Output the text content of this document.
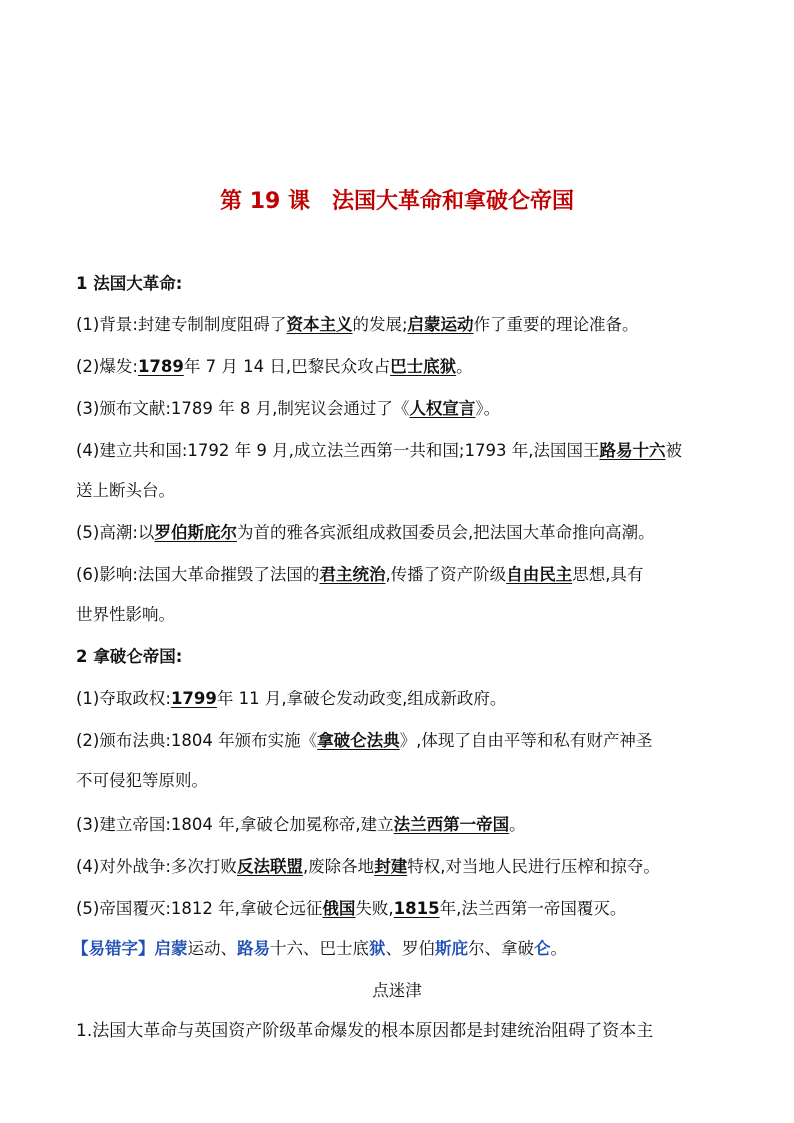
第 19 课　法国大革命和拿破仑帝国
1 法国大革命:
(1)背景:封建专制制度阻碍了资本主义的发展;启蒙运动作了重要的理论准备。
(2)爆发:1789年 7 月 14 日,巴黎民众攻占巴士底狱。
(3)颁布文献:1789 年 8 月,制宪议会通过了《人权宣言》。
(4)建立共和国:1792 年 9 月,成立法兰西第一共和国;1793 年,法国国王路易十六被
送上断头台。
(5)高潮:以罗伯斯庇尔为首的雅各宾派组成救国委员会,把法国大革命推向高潮。
(6)影响:法国大革命摧毁了法国的君主统治,传播了资产阶级自由民主思想,具有
世界性影响。
2 拿破仑帝国:
(1)夺取政权:1799年 11 月,拿破仑发动政变,组成新政府。
(2)颁布法典:1804 年颁布实施《拿破仑法典》,体现了自由平等和私有财产神圣
不可侵犯等原则。
(3)建立帝国:1804 年,拿破仑加冕称帝,建立法兰西第一帝国。
(4)对外战争:多次打败反法联盟,废除各地封建特权,对当地人民进行压榨和掠夺。
(5)帝国覆灭:1812 年,拿破仑远征俄国失败,1815年,法兰西第一帝国覆灭。
【易错字】启蒙运动、路易十六、巴士底狱、罗伯斯庇尔、拿破仑。
点迷津
1.法国大革命与英国资产阶级革命爆发的根本原因都是封建统治阻碍了资本主
